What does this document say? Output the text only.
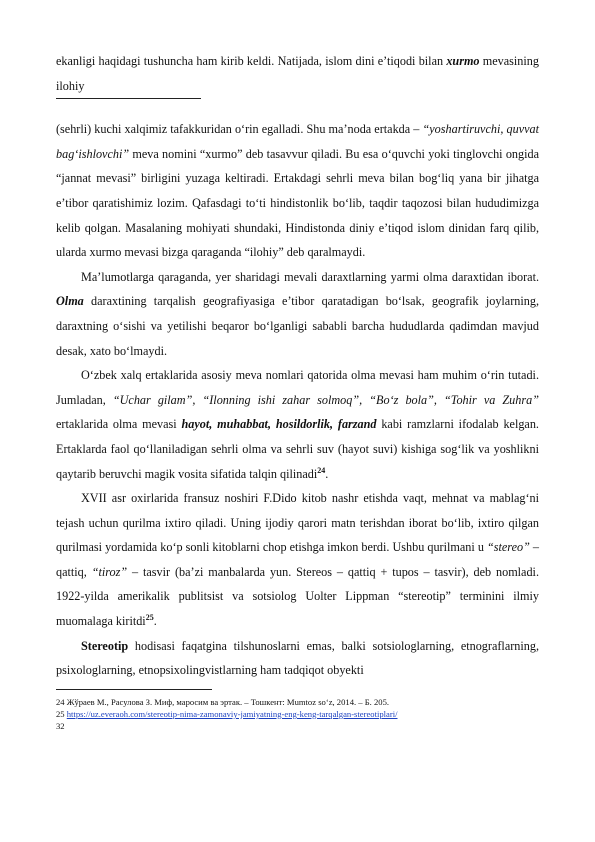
ekanligi haqidagi tushuncha ham kirib keldi. Natijada, islom dini e’tiqodi bilan xurmo mevasining ilohiy

(sehrli) kuchi xalqimiz tafakkuridan o‘rin egalladi. Shu ma’noda ertakda – “yoshartiruvchi, quvvat bag‘ishlovchi” meva nomini “xurmo” deb tasavvur qiladi. Bu esa o‘quvchi yoki tinglovchi ongida “jannat mevasi” birligini yuzaga keltiradi. Ertakdagi sehrli meva bilan bog‘liq yana bir jihatga e’tibor qaratishimiz lozim. Qafasdagi to‘ti hindistonlik bo‘lib, taqdir taqozosi bilan hududimizga kelib qolgan. Masalaning mohiyati shundaki, Hindistonda diniy e’tiqod islom dinidan farq qilib, ularda xurmo mevasi bizga qaraganda “ilohiy” deb qaralmaydi.

Ma’lumotlarga qaraganda, yer sharidagi mevali daraxtlarning yarmi olma daraxtidan iborat. Olma daraxtining tarqalish geografiyasiga e’tibor qaratadigan bo‘lsak, geografik joylarning, daraxtning o‘sishi va yetilishi beqaror bo‘lganligi sababli barcha hududlarda qadimdan mavjud desak, xato bo‘lmaydi.

O‘zbek xalq ertaklarida asosiy meva nomlari qatorida olma mevasi ham muhim o‘rin tutadi. Jumladan, “Uchar gilam”, “Ilonning ishi zahar solmoq”, “Bo‘z bola”, “Tohir va Zuhra” ertaklarida olma mevasi hayot, muhabbat, hosildorlik, farzand kabi ramzlarni ifodalab kelgan. Ertaklarda faol qo‘llaniladigan sehrli olma va sehrli suv (hayot suvi) kishiga sog‘lik va yoshlikni qaytarib beruvchi magik vosita sifatida talqin qilinadi$^{24}$.

XVII asr oxirlarida fransuz noshiri F.Dido kitob nashr etishda vaqt, mehnat va mablag‘ni tejash uchun qurilma ixtiro qiladi. Uning ijodiy qarori matn terishdan iborat bo‘lib, ixtiro qilgan qurilmasi yordamida ko‘p sonli kitoblarni chop etishga imkon berdi. Ushbu qurilmani u “stereo” – qattiq, “tiroz” – tasvir (ba’zi manbalarda yun. Stereos – qattiq + tupos – tasvir), deb nomladi. 1922-yilda amerikalik publitsist va sotsiolog Uolter Lippman “stereotip” terminini ilmiy muomalaga kiritdi$^{25}$.

Stereotip hodisasi faqatgina tilshunoslarni emas, balki sotsiologlarning, etnograflarning, psixologlarning, etnopsixolingvistlarning ham tadqiqot obyekti

24 Жўраев М., Расулова З. Миф, маросим ва эртак. – Тошкент: Mumtoz so‘z, 2014. – Б. 205.

25 https://uz.everaoh.com/stereotip-nima-zamonaviy-jamiyatning-eng-keng-tarqalgan-stereotiplari/

32
